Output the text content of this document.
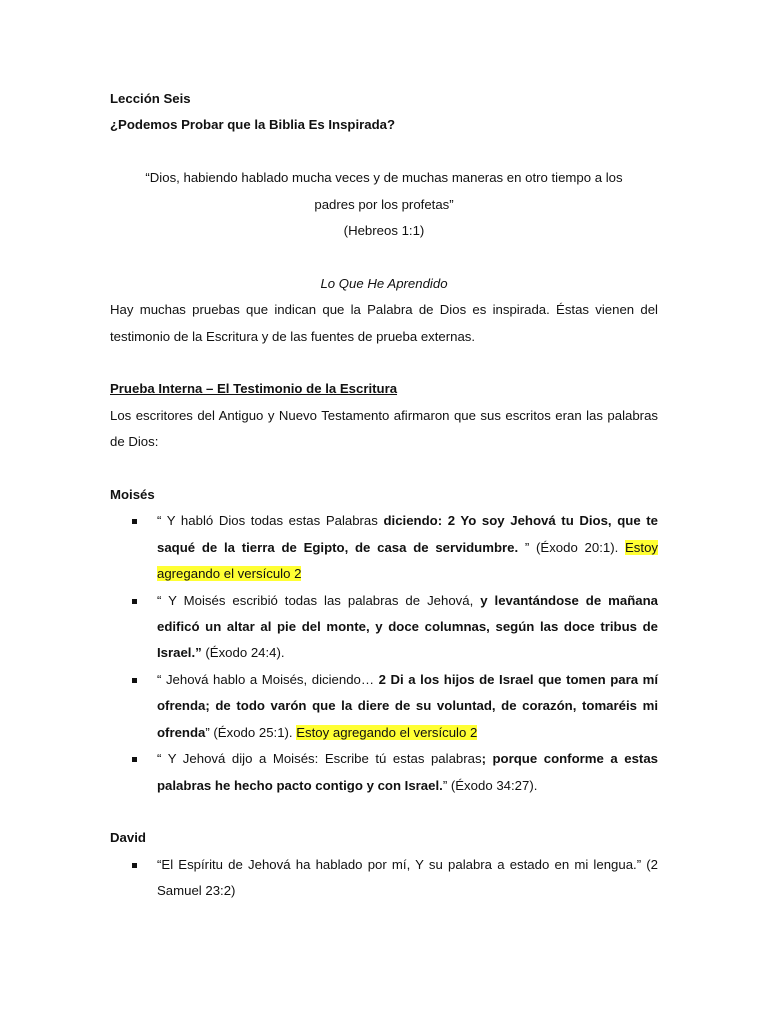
Lección Seis

¿Podemos Probar que la Biblia Es Inspirada?

“Dios, habiendo hablado mucha veces y de muchas maneras en otro tiempo a los padres por los profetas”

(Hebreos 1:1)

Lo Que He Aprendido

Hay muchas pruebas que indican que la Palabra de Dios es inspirada. Éstas vienen del testimonio de la Escritura y de las fuentes de prueba externas.

Prueba Interna – El Testimonio de la Escritura

Los escritores del Antiguo y Nuevo Testamento afirmaron que sus escritos eran las palabras de Dios:

Moisés

“ Y habló Dios todas estas Palabras diciendo: 2 Yo soy Jehová tu Dios, que te saqué de la tierra de Egipto, de casa de servidumbre. ” (Éxodo 20:1). Estoy agregando el versículo 2
“ Y Moisés escribió todas las palabras de Jehová, y levantándose de mañana edificó un altar al pie del monte, y doce columnas, según las doce tribus de Israel.” (Éxodo 24:4).
“ Jehová hablo a Moisés, diciendo… 2 Di a los hijos de Israel que tomen para mí ofrenda; de todo varón que la diere de su voluntad, de corazón, tomaréis mi ofrenda” (Éxodo 25:1). Estoy agregando el versículo 2
“ Y Jehová dijo a Moisés: Escribe tú estas palabras; porque conforme a estas palabras he hecho pacto contigo y con Israel.” (Éxodo 34:27).

David

“El Espíritu de Jehová ha hablado por mí, Y su palabra a estado en mi lengua.” (2 Samuel 23:2)
